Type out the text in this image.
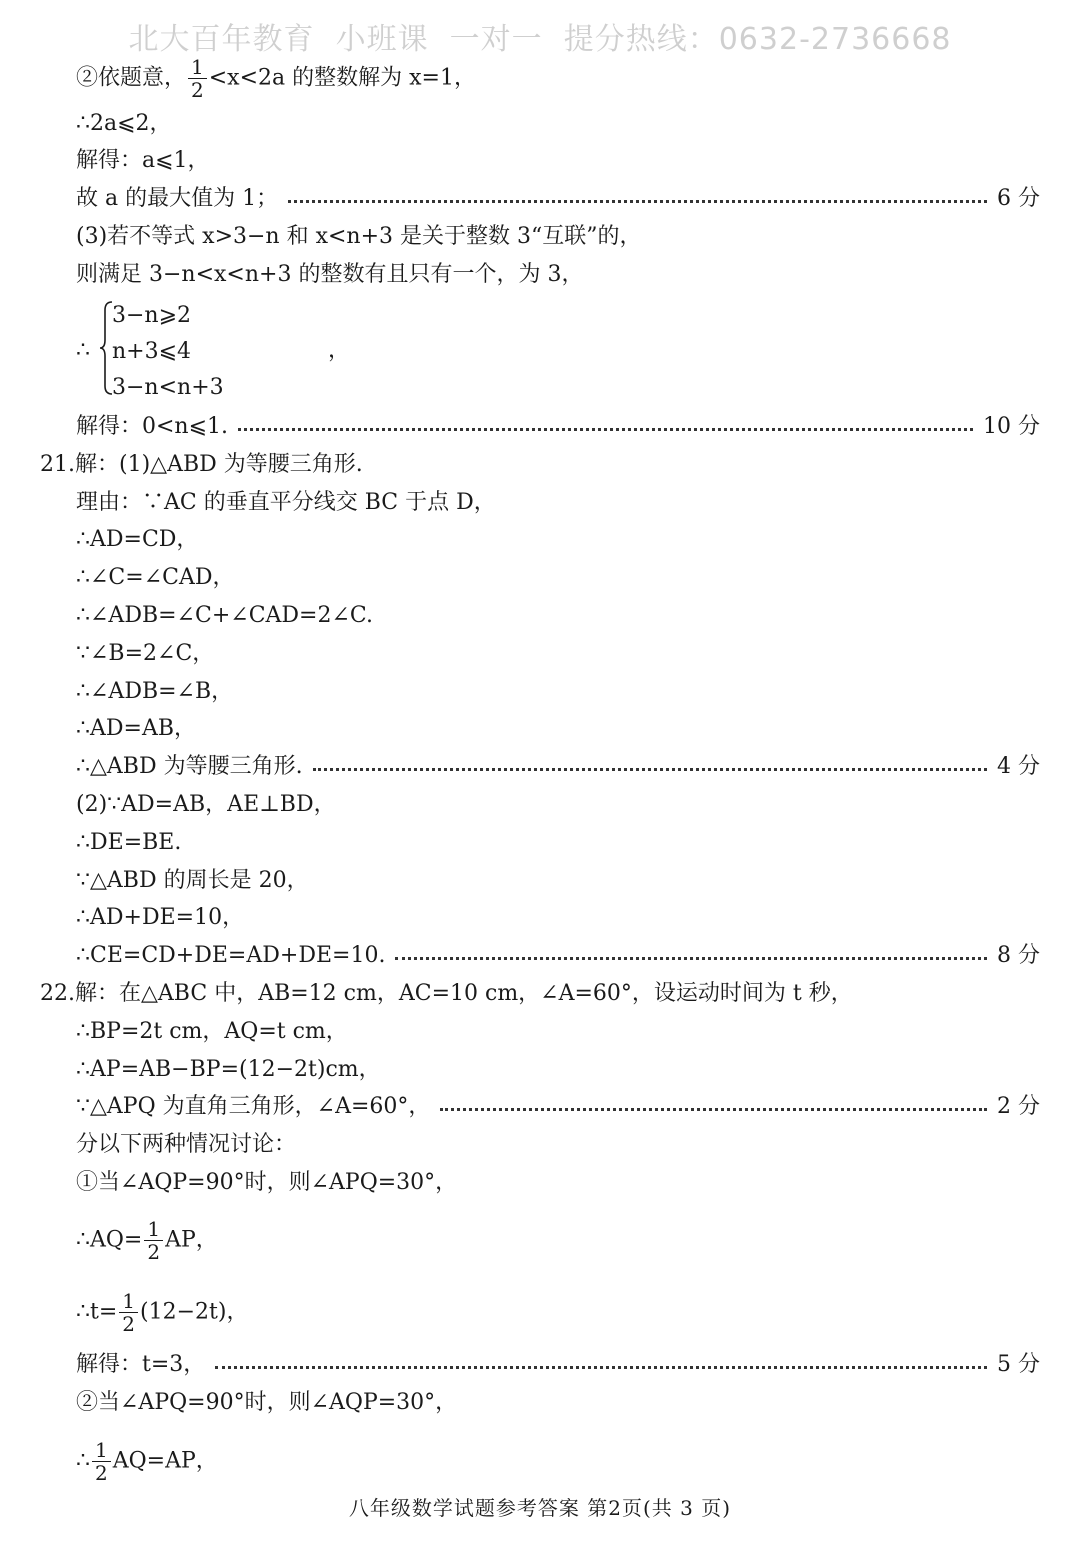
北大百年教育  小班课  一对一  提分热线：0632-2736668
②依题意， $\frac{1}{2} <x<2a$ 的整数解为 x=1，
∴2a⩽2，
解得：a⩽1，
故 a 的最大值为 1；	6 分
(3)若不等式 x>3−n 和 x<n+3 是关于整数 3“互联”的，
则满足 3−n<x<n+3 的整数有且只有一个，为 3，
∴
3−n⩾2
n+3⩽4
3−n<n+3
，
解得：0<n⩽1.	10 分
21.解：(1)△ABD 为等腰三角形.
理由：∵AC 的垂直平分线交 BC 于点 D，
∴AD=CD，
∴∠C=∠CAD，
∴∠ADB=∠C+∠CAD=2∠C.
∵∠B=2∠C，
∴∠ADB=∠B，
∴AD=AB，
∴△ABD 为等腰三角形.	4 分
(2)∵AD=AB，AE⊥BD，
∴DE=BE.
∵△ABD 的周长是 20，
∴AD+DE=10，
∴CE=CD+DE=AD+DE=10.	8 分
22.解：在△ABC 中，AB=12 cm，AC=10 cm，∠A=60°，设运动时间为 t 秒，
∴BP=2t cm，AQ=t cm，
∴AP=AB−BP=(12−2t)cm，
∵△APQ 为直角三角形，∠A=60°，	2 分
分以下两种情况讨论：
①当∠AQP=90°时，则∠APQ=30°，
∴AQ= $\frac{1}{2}$ AP，
∴t= $\frac{1}{2} (12-2t)$，
解得：t=3，	5 分
②当∠APQ=90°时，则∠AQP=30°，
∴ $\frac{1}{2} AQ=AP$，
八年级数学试题参考答案 第2页(共 3 页)
